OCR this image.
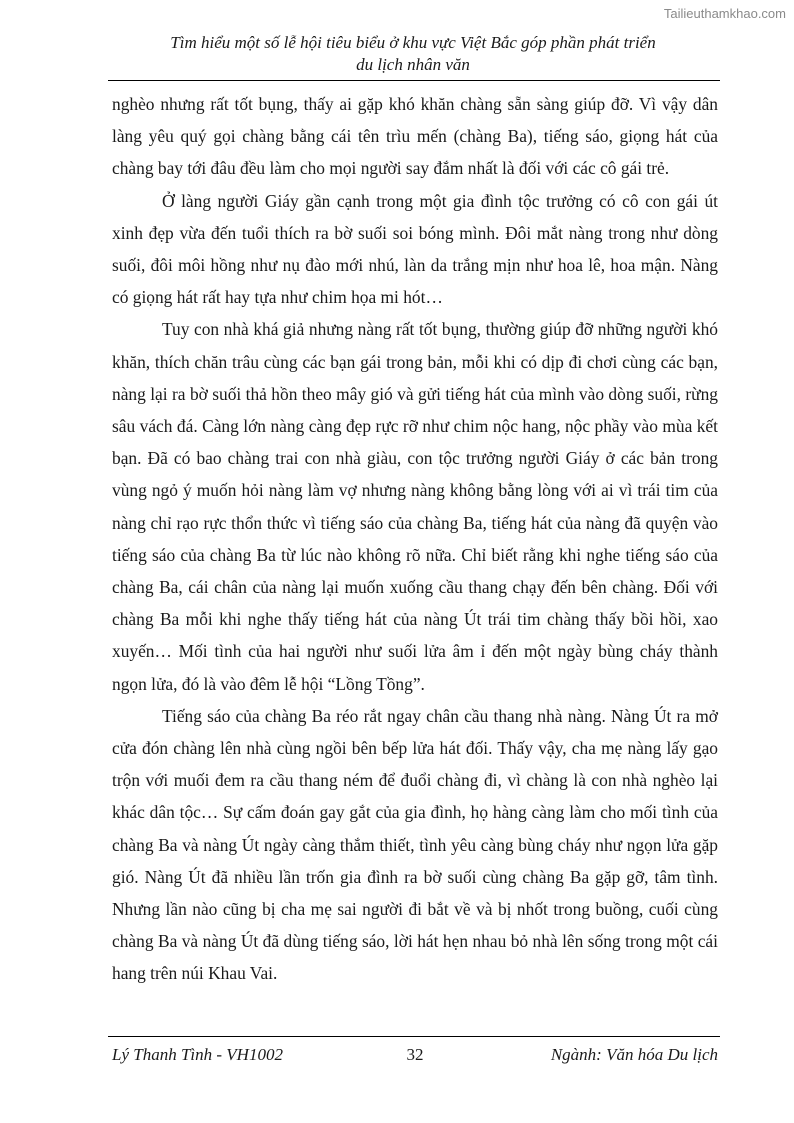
Tailieuthamkhao.com
Tìm hiểu một số lễ hội tiêu biểu ở khu vực Việt Bắc góp phần phát triển
du lịch nhân văn

nghèo nhưng rất tốt bụng, thấy ai gặp khó khăn chàng sẵn sàng giúp đỡ. Vì vậy dân làng yêu quý gọi chàng bằng cái tên trìu mến (chàng Ba), tiếng sáo, giọng hát của chàng bay tới đâu đều làm cho mọi người say đắm nhất là đối với các cô gái trẻ.

Ở làng người Giáy gần cạnh trong một gia đình tộc trưởng có cô con gái út xinh đẹp vừa đến tuổi thích ra bờ suối soi bóng mình. Đôi mắt nàng trong như dòng suối, đôi môi hồng như nụ đào mới nhú, làn da trắng mịn như hoa lê, hoa mận. Nàng có giọng hát rất hay tựa như chim họa mi hót…

Tuy con nhà khá giả nhưng nàng rất tốt bụng, thường giúp đỡ những người khó khăn, thích chăn trâu cùng các bạn gái trong bản, mỗi khi có dịp đi chơi cùng các bạn, nàng lại ra bờ suối thả hồn theo mây gió và gửi tiếng hát của mình vào dòng suối, rừng sâu vách đá. Càng lớn nàng càng đẹp rực rỡ như chim nộc hang, nộc phầy vào mùa kết bạn. Đã có bao chàng trai con nhà giàu, con tộc trưởng người Giáy ở các bản trong vùng ngỏ ý muốn hỏi nàng làm vợ nhưng nàng không bằng lòng với ai vì trái tim của nàng chỉ rạo rực thổn thức vì tiếng sáo của chàng Ba, tiếng hát của nàng đã quyện vào tiếng sáo của chàng Ba từ lúc nào không rõ nữa. Chỉ biết rằng khi nghe tiếng sáo của chàng Ba, cái chân của nàng lại muốn xuống cầu thang chạy đến bên chàng. Đối với chàng Ba mỗi khi nghe thấy tiếng hát của nàng Út trái tim chàng thấy bồi hồi, xao xuyến… Mối tình của hai người như suối lửa âm ỉ đến một ngày bùng cháy thành ngọn lửa, đó là vào đêm lễ hội “Lồng Tồng”.

Tiếng sáo của chàng Ba réo rắt ngay chân cầu thang nhà nàng. Nàng Út ra mở cửa đón chàng lên nhà cùng ngồi bên bếp lửa hát đối. Thấy vậy, cha mẹ nàng lấy gạo trộn với muối đem ra cầu thang ném để đuổi chàng đi, vì chàng là con nhà nghèo lại khác dân tộc… Sự cấm đoán gay gắt của gia đình, họ hàng càng làm cho mối tình của chàng Ba và nàng Út ngày càng thắm thiết, tình yêu càng bùng cháy như ngọn lửa gặp gió. Nàng Út đã nhiều lần trốn gia đình ra bờ suối cùng chàng Ba gặp gỡ, tâm tình. Nhưng lần nào cũng bị cha mẹ sai người đi bắt về và bị nhốt trong buồng, cuối cùng chàng Ba và nàng Út đã dùng tiếng sáo, lời hát hẹn nhau bỏ nhà lên sống trong một cái hang trên núi Khau Vai.

Lý Thanh Tình - VH1002	32	Ngành: Văn hóa Du lịch
